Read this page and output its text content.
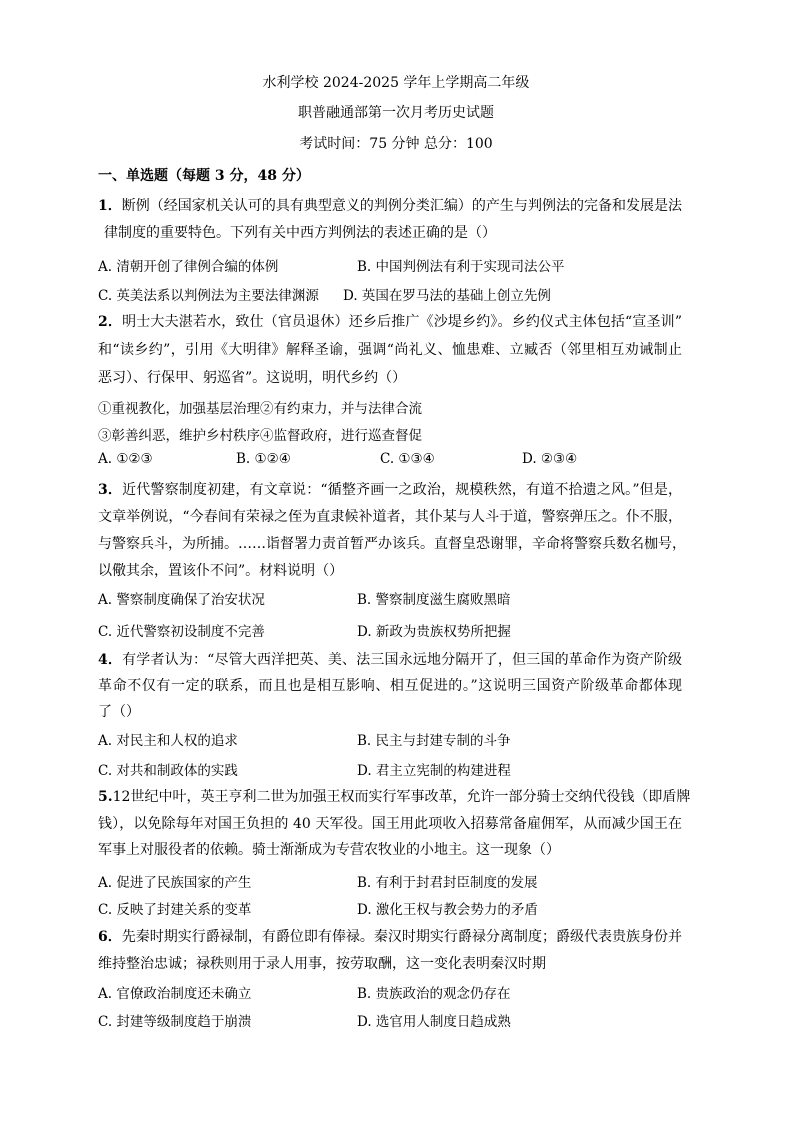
水利学校 2024-2025 学年上学期高二年级
职普融通部第一次月考历史试题
考试时间：75 分钟 总分：100
一、单选题（每题 3 分，48 分）
1．断例（经国家机关认可的具有典型意义的判例分类汇编）的产生与判例法的完备和发展是法
律制度的重要特色。下列有关中西方判例法的表述正确的是（）
A. 清朝开创了律例合编的体例	B. 中国判例法有利于实现司法公平
C. 英美法系以判例法为主要法律渊源 D. 英国在罗马法的基础上创立先例
2．明士大夫湛若水，致仕（官员退休）还乡后推广《沙堤乡约》。乡约仪式主体包括“宣圣训”
和“读乡约”，引用《大明律》解释圣谕，强调“尚礼义、恤患难、立臧否（邻里相互劝诫制止
恶习）、行保甲、躬巡省”。这说明，明代乡约（）
①重视教化，加强基层治理②有约束力，并与法律合流
③彰善纠恶，维护乡村秩序④监督政府，进行巡查督促
A. ①②③	B. ①②④	C. ①③④	D. ②③④
3．近代警察制度初建，有文章说：“循整齐画一之政治，规模秩然，有道不拾遗之风。”但是，
文章举例说，“今春间有荣禄之侄为直隶候补道者，其仆某与人斗于道，警察弹压之。仆不服，
与警察兵斗，为所捕。……诣督署力责首暂严办该兵。直督皇恐谢罪，辛命将警察兵数名枷号，
以儆其余，置该仆不问”。材料说明（）
A. 警察制度确保了治安状况	B. 警察制度滋生腐败黑暗
C. 近代警察初设制度不完善	D. 新政为贵族权势所把握
4．有学者认为：“尽管大西洋把英、美、法三国永远地分隔开了，但三国的革命作为资产阶级
革命不仅有一定的联系，而且也是相互影响、相互促进的。”这说明三国资产阶级革命都体现
了（）
A. 对民主和人权的追求	B. 民主与封建专制的斗争
C. 对共和制政体的实践	D. 君主立宪制的构建进程
5.12世纪中叶，英王亨利二世为加强王权而实行军事改革，允许一部分骑士交纳代役钱（即盾牌
钱），以免除每年对国王负担的 40 天军役。国王用此项收入招募常备雇佣军，从而减少国王在
军事上对服役者的依赖。骑士渐渐成为专营农牧业的小地主。这一现象（）
A. 促进了民族国家的产生	B. 有利于封君封臣制度的发展
C. 反映了封建关系的变革	D. 激化王权与教会势力的矛盾
6．先秦时期实行爵禄制，有爵位即有俸禄。秦汉时期实行爵禄分离制度；爵级代表贵族身份并
维持整治忠诚；禄秩则用于录人用事，按劳取酬，这一变化表明秦汉时期
A. 官僚政治制度还未确立	B. 贵族政治的观念仍存在
C. 封建等级制度趋于崩溃	D. 选官用人制度日趋成熟
